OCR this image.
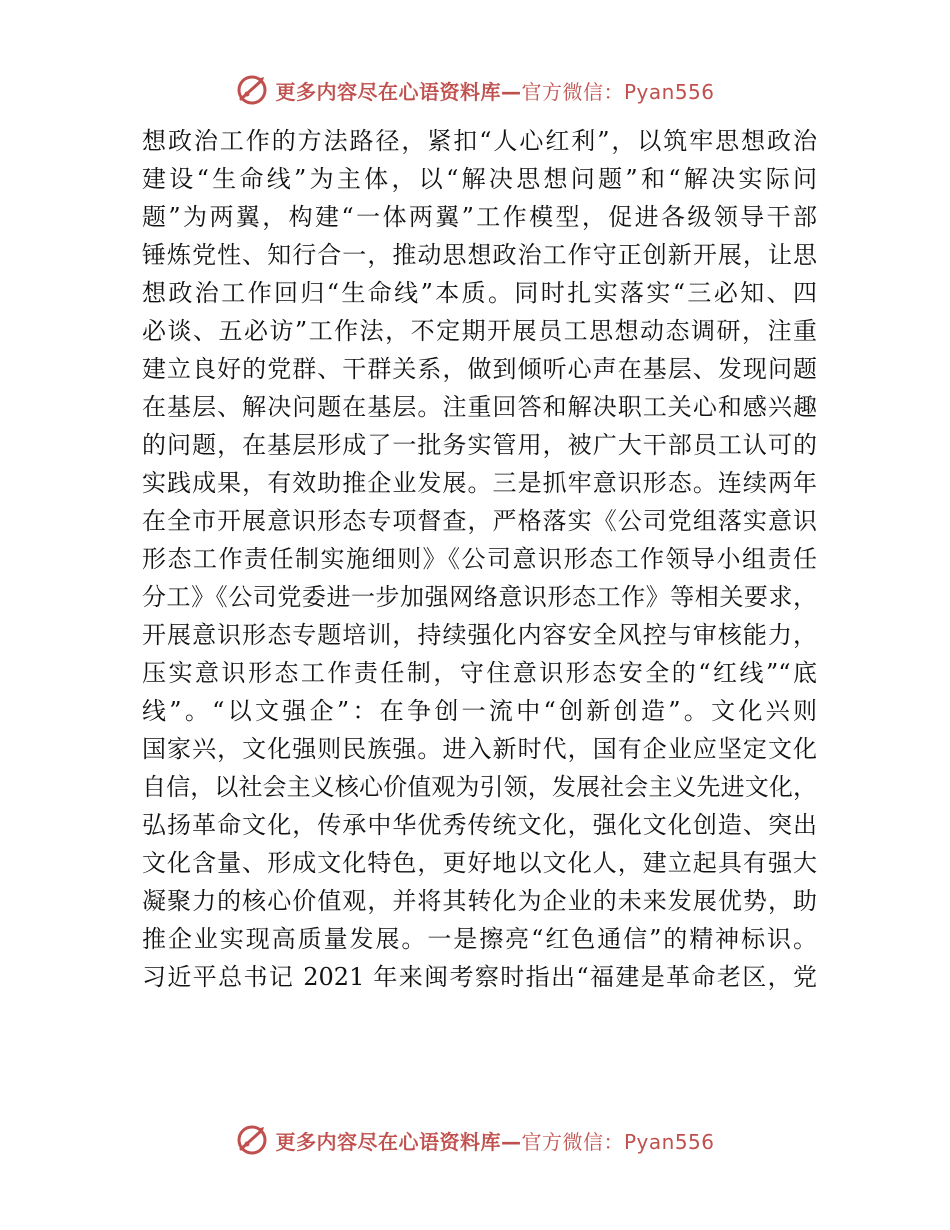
更多内容尽在心语资料库—官方微信：Pyan556
想政治工作的方法路径，紧扣“人心红利”，以筑牢思想政治
建设“生命线”为主体，以“解决思想问题”和“解决实际问
题”为两翼，构建“一体两翼”工作模型，促进各级领导干部
锤炼党性、知行合一，推动思想政治工作守正创新开展，让思
想政治工作回归“生命线”本质。同时扎实落实“三必知、四
必谈、五必访”工作法，不定期开展员工思想动态调研，注重
建立良好的党群、干群关系，做到倾听心声在基层、发现问题
在基层、解决问题在基层。注重回答和解决职工关心和感兴趣
的问题，在基层形成了一批务实管用，被广大干部员工认可的
实践成果，有效助推企业发展。三是抓牢意识形态。连续两年
在全市开展意识形态专项督查，严格落实《公司党组落实意识
形态工作责任制实施细则》《公司意识形态工作领导小组责任
分工》《公司党委进一步加强网络意识形态工作》等相关要求，
开展意识形态专题培训，持续强化内容安全风控与审核能力，
压实意识形态工作责任制，守住意识形态安全的“红线”“底
线”。“以文强企”：在争创一流中“创新创造”。文化兴则
国家兴，文化强则民族强。进入新时代，国有企业应坚定文化
自信，以社会主义核心价值观为引领，发展社会主义先进文化，
弘扬革命文化，传承中华优秀传统文化，强化文化创造、突出
文化含量、形成文化特色，更好地以文化人，建立起具有强大
凝聚力的核心价值观，并将其转化为企业的未来发展优势，助
推企业实现高质量发展。一是擦亮“红色通信”的精神标识。
习近平总书记 2021 年来闽考察时指出“福建是革命老区，党
更多内容尽在心语资料库—官方微信：Pyan556
